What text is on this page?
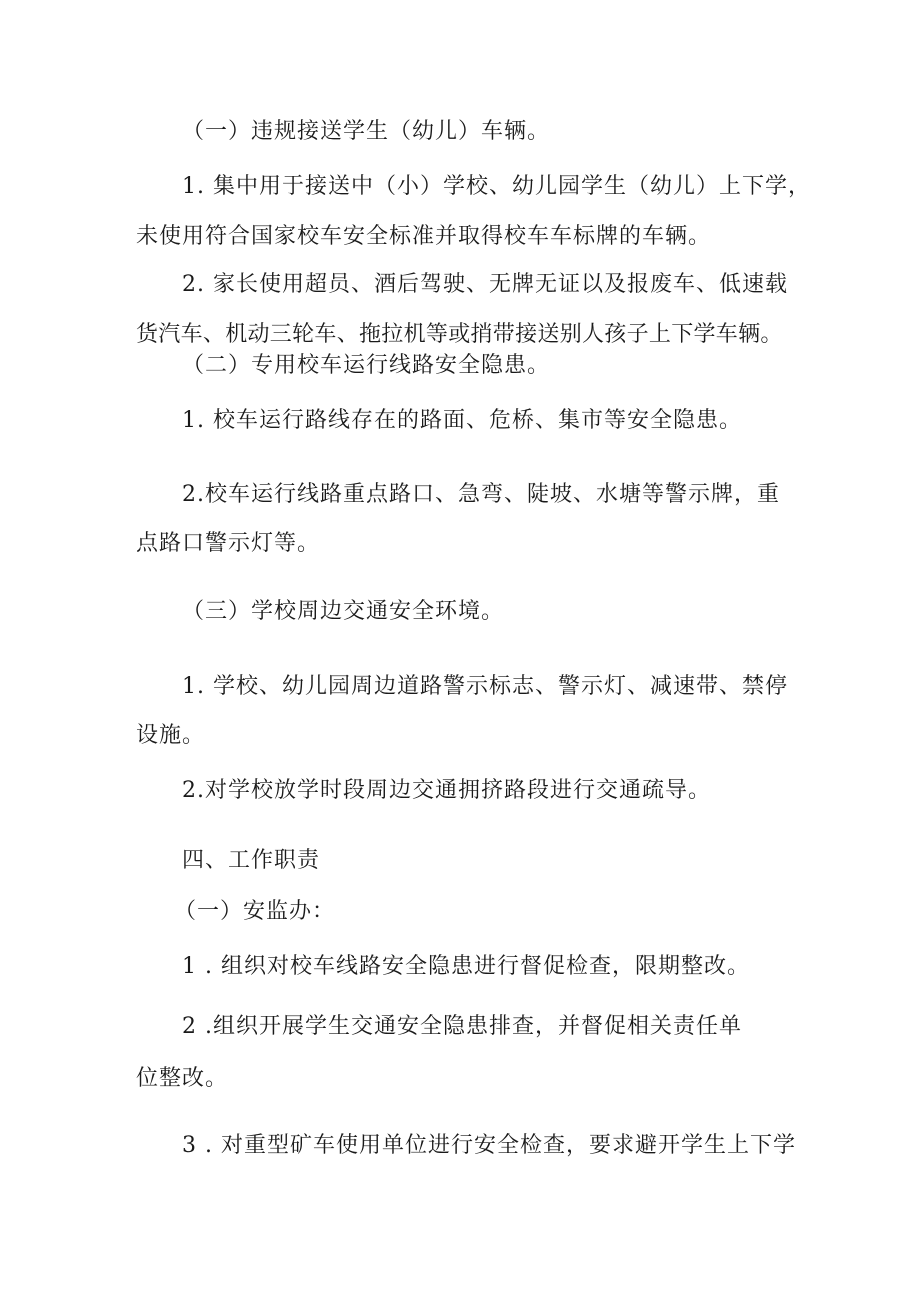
（一）违规接送学生（幼儿）车辆。

1. 集中用于接送中（小）学校、幼儿园学生（幼儿）上下学，

未使用符合国家校车安全标准并取得校车车标牌的车辆。

2. 家长使用超员、酒后驾驶、无牌无证以及报废车、低速载

货汽车、机动三轮车、拖拉机等或捎带接送别人孩子上下学车辆。

（二）专用校车运行线路安全隐患。

1. 校车运行路线存在的路面、危桥、集市等安全隐患。

2.校车运行线路重点路口、急弯、陡坡、水塘等警示牌，重

点路口警示灯等。

（三）学校周边交通安全环境。

1. 学校、幼儿园周边道路警示标志、警示灯、减速带、禁停

设施。

2.对学校放学时段周边交通拥挤路段进行交通疏导。

四、工作职责

（一）安监办：

1 . 组织对校车线路安全隐患进行督促检查，限期整改。

2 .组织开展学生交通安全隐患排查，并督促相关责任单

位整改。

3 . 对重型矿车使用单位进行安全检查，要求避开学生上下学
